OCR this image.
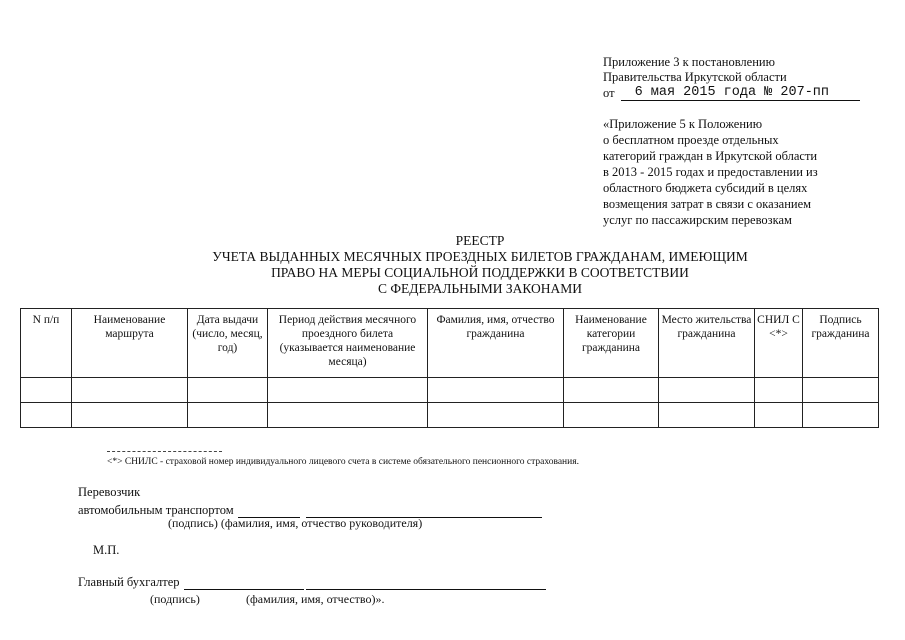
Приложение 3 к постановлению
Правительства Иркутской области
от	6 мая 2015 года № 207-пп
«Приложение 5 к Положению
о бесплатном проезде отдельных
категорий граждан в Иркутской области
в 2013 - 2015 годах и предоставлении из
областного бюджета субсидий в целях
возмещения затрат в связи с оказанием
услуг по пассажирским перевозкам
РЕЕСТР
УЧЕТА ВЫДАННЫХ МЕСЯЧНЫХ ПРОЕЗДНЫХ БИЛЕТОВ ГРАЖДАНАМ, ИМЕЮЩИМ
ПРАВО НА МЕРЫ СОЦИАЛЬНОЙ ПОДДЕРЖКИ В СООТВЕТСТВИИ
С ФЕДЕРАЛЬНЫМИ ЗАКОНАМИ
N п/п	Наименование маршрута	Дата выдачи (число, месяц, год)	Период действия месячного проездного билета (указывается наименование месяца)	Фамилия, имя, отчество гражданина	Наименование категории гражданина	Место жительства гражданина	СНИЛ С <*>	Подпись гражданина

<*> СНИЛС - страховой номер индивидуального лицевого счета в системе обязательного пенсионного страхования.
Перевозчик
автомобильным транспортом
(подпись) (фамилия, имя, отчество руководителя)
М.П.
Главный бухгалтер
(подпись)	(фамилия, имя, отчество)».
